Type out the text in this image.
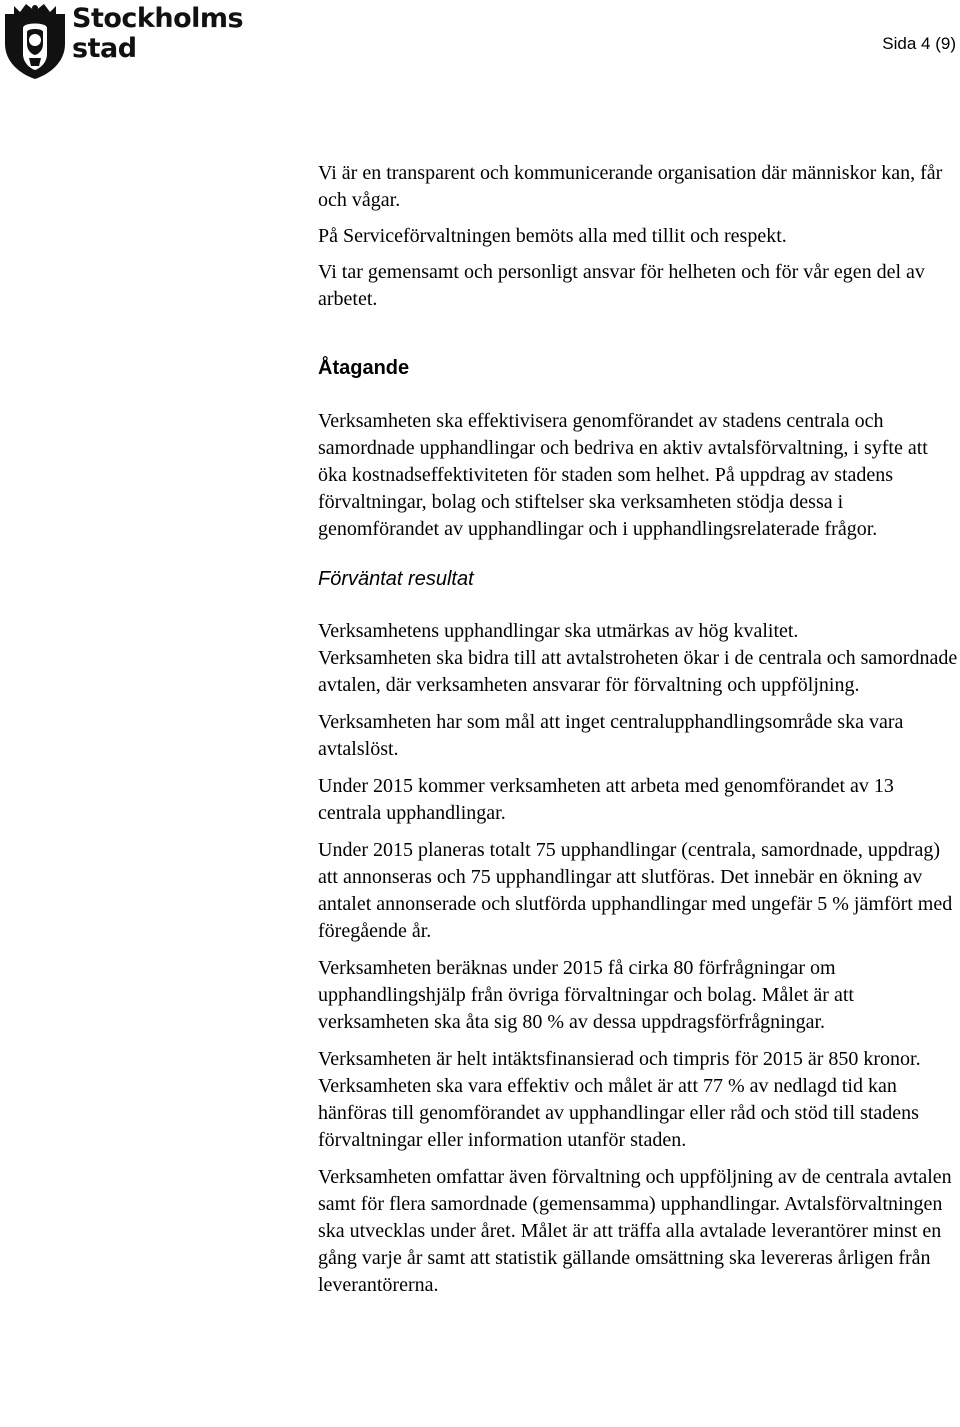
Stockholms
stad	Sida 4 (9)

Vi är en transparent och kommunicerande organisation där människor kan, får och vågar.

På Serviceförvaltningen bemöts alla med tillit och respekt.

Vi tar gemensamt och personligt ansvar för helheten och för vår egen del av arbetet.

Åtagande

Verksamheten ska effektivisera genomförandet av stadens centrala och samordnade upphandlingar och bedriva en aktiv avtalsförvaltning, i syfte att öka kostnadseffektiviteten för staden som helhet. På uppdrag av stadens förvaltningar, bolag och stiftelser ska verksamheten stödja dessa i genomförandet av upphandlingar och i upphandlingsrelaterade frågor.

Förväntat resultat

Verksamhetens upphandlingar ska utmärkas av hög kvalitet.

Verksamheten ska bidra till att avtalstroheten ökar i de centrala och samordnade avtalen, där verksamheten ansvarar för förvaltning och uppföljning.

Verksamheten har som mål att inget centralupphandlingsområde ska vara avtalslöst.

Under 2015 kommer verksamheten att arbeta med genomförandet av 13 centrala upphandlingar.

Under 2015 planeras totalt 75 upphandlingar (centrala, samordnade, uppdrag) att annonseras och 75 upphandlingar att slutföras. Det innebär en ökning av antalet annonserade och slutförda upphandlingar med ungefär 5 % jämfört med föregående år.

Verksamheten beräknas under 2015 få cirka 80 förfrågningar om upphandlingshjälp från övriga förvaltningar och bolag. Målet är att verksamheten ska åta sig 80 % av dessa uppdragsförfrågningar.

Verksamheten är helt intäktsfinansierad och timpris för 2015 är 850 kronor. Verksamheten ska vara effektiv och målet är att 77 % av nedlagd tid kan hänföras till genomförandet av upphandlingar eller råd och stöd till stadens förvaltningar eller information utanför staden.

Verksamheten omfattar även förvaltning och uppföljning av de centrala avtalen samt för flera samordnade (gemensamma) upphandlingar. Avtalsförvaltningen ska utvecklas under året. Målet är att träffa alla avtalade leverantörer minst en gång varje år samt att statistik gällande omsättning ska levereras årligen från leverantörerna.
